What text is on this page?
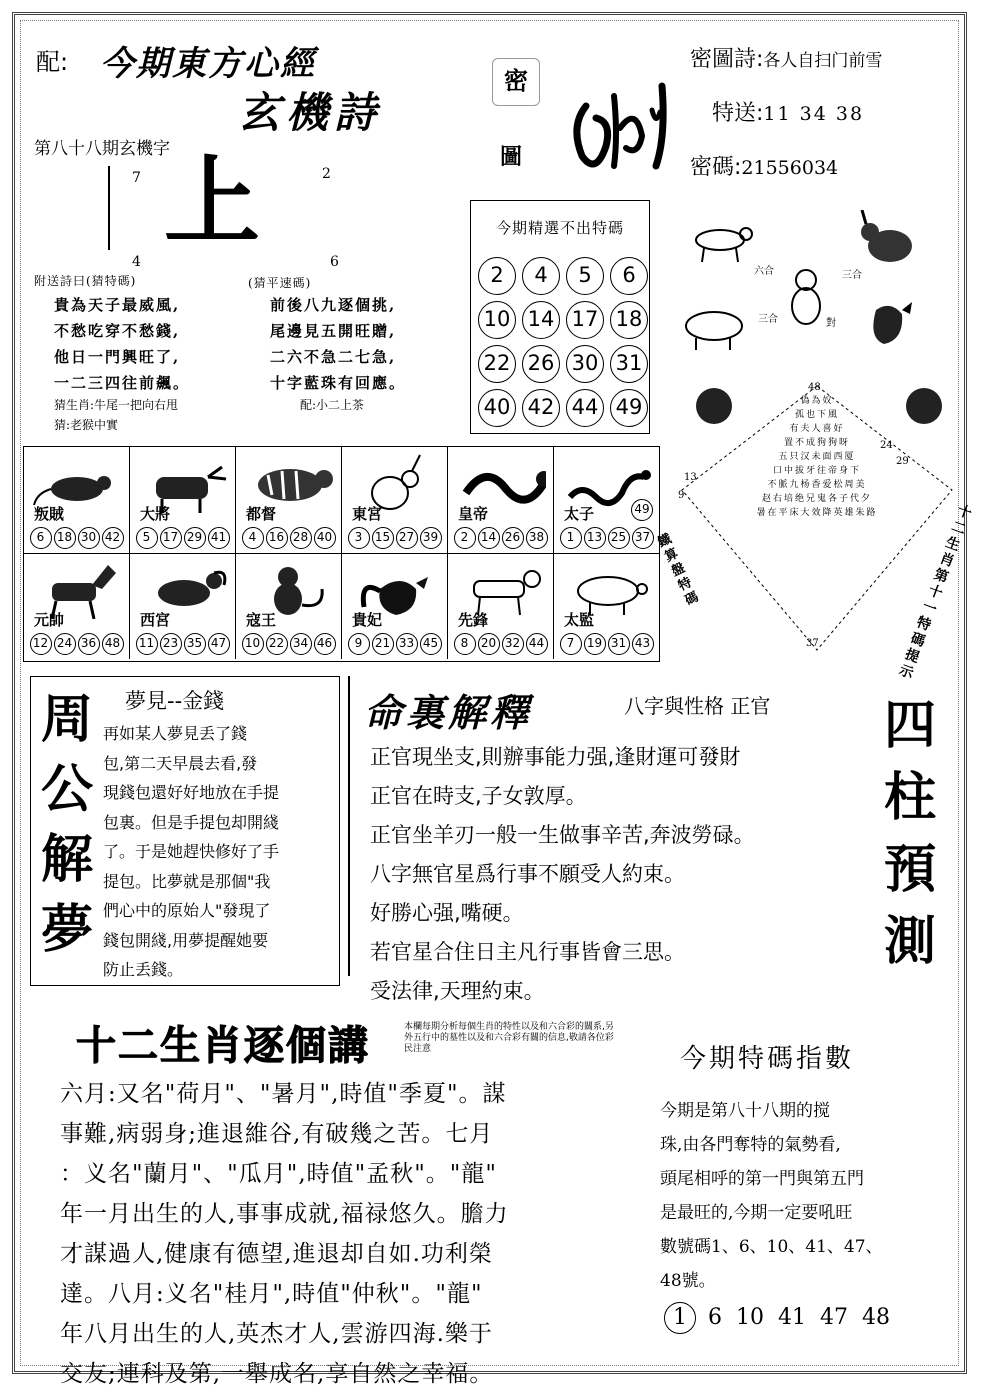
配: 今期東方心經
玄機詩
密
圖
密圖詩:各人自扫门前雪
特送:11 34 38
密碼:21556034
第八十八期玄機字
7	2
上
4	6
附送詩曰(猜特碼)	(猜平速碼)
貴為天子最威風,
不愁吃穿不愁錢,
他日一門興旺了,
一二三四往前飆。
前後八九逐個挑,
尾邊見五開旺贈,
二六不急二七急,
十字藍珠有回應。
猜生肖:牛尾一把向右甩	配:小二上茶
猜:老猴中實
今期精選不出特碼
2 4 5 6
10 14 17 18
22 26 30 31
40 42 44 49

六合	三合
三合	對
48
13
9
24
29
37
偽為奴
孤也下風
有夫人喜好
置不成狗狗呀
五只汉未面西厦
口中拔牙往帝身下
不脈九杨香爱松周美
赵右培绝兄鬼各子代夕
暑在平床大效降英雄朱路
鐵算盤特碼
十二生肖第十一特碼提示
叛賊
6 18 30 42
大將
5 17 29 41
都督
4 16 28 40
東宮
3 15 27 39
皇帝
2 14 26 38
太子
1 13 25 37
49
元帥
12 24 36 48
西宮
11 23 35 47
寇王
10 22 34 46
貴妃
9 21 33 45
先鋒
8 20 32 44
太監
7 19 31 43
周
公
解
夢
夢見--金錢
再如某人夢見丢了錢
包,第二天早晨去看,發
現錢包還好好地放在手提
包裏。但是手提包却開綫
了。于是她趕快修好了手
提包。比夢就是那個"我
們心中的原始人"發現了
錢包開綫,用夢提醒她要
防止丢錢。
命裏解釋	八字與性格 正官
正官現坐支,則辦事能力强,逢財運可發財
正官在時支,子女敦厚。
正官坐羊刃一般一生做事辛苦,奔波勞碌。
八字無官星爲行事不願受人約束。
好勝心强,嘴硬。
若官星合住日主凡行事皆會三思。
受法律,天理約束。
四
柱
預
測
十二生肖逐個講	本欄每期分析每個生肖的特性以及和六合彩的關系,另外五行中的墓性以及和六合彩有關的信息,敬請各位彩民注意
六月:又名"荷月"、"暑月",時值"季夏"。謀
事難,病弱身;進退維谷,有破幾之苦。七月
：义名"蘭月"、"瓜月",時值"孟秋"。"龍"
年一月出生的人,事事成就,福禄悠久。膽力
才謀過人,健康有德望,進退却自如.功利榮
達。八月:义名"桂月",時值"仲秋"。"龍"
年八月出生的人,英杰才人,雲游四海.樂于
交友;連科及第,一舉成名,享自然之幸福。
今期特碼指數
今期是第八十八期的搅
珠,由各門奪特的氣勢看,
頭尾相呼的第一門與第五門
是最旺的,今期一定要吼旺
數號碼1、6、10、41、47、
48號。
1 6 10 41 47 48
